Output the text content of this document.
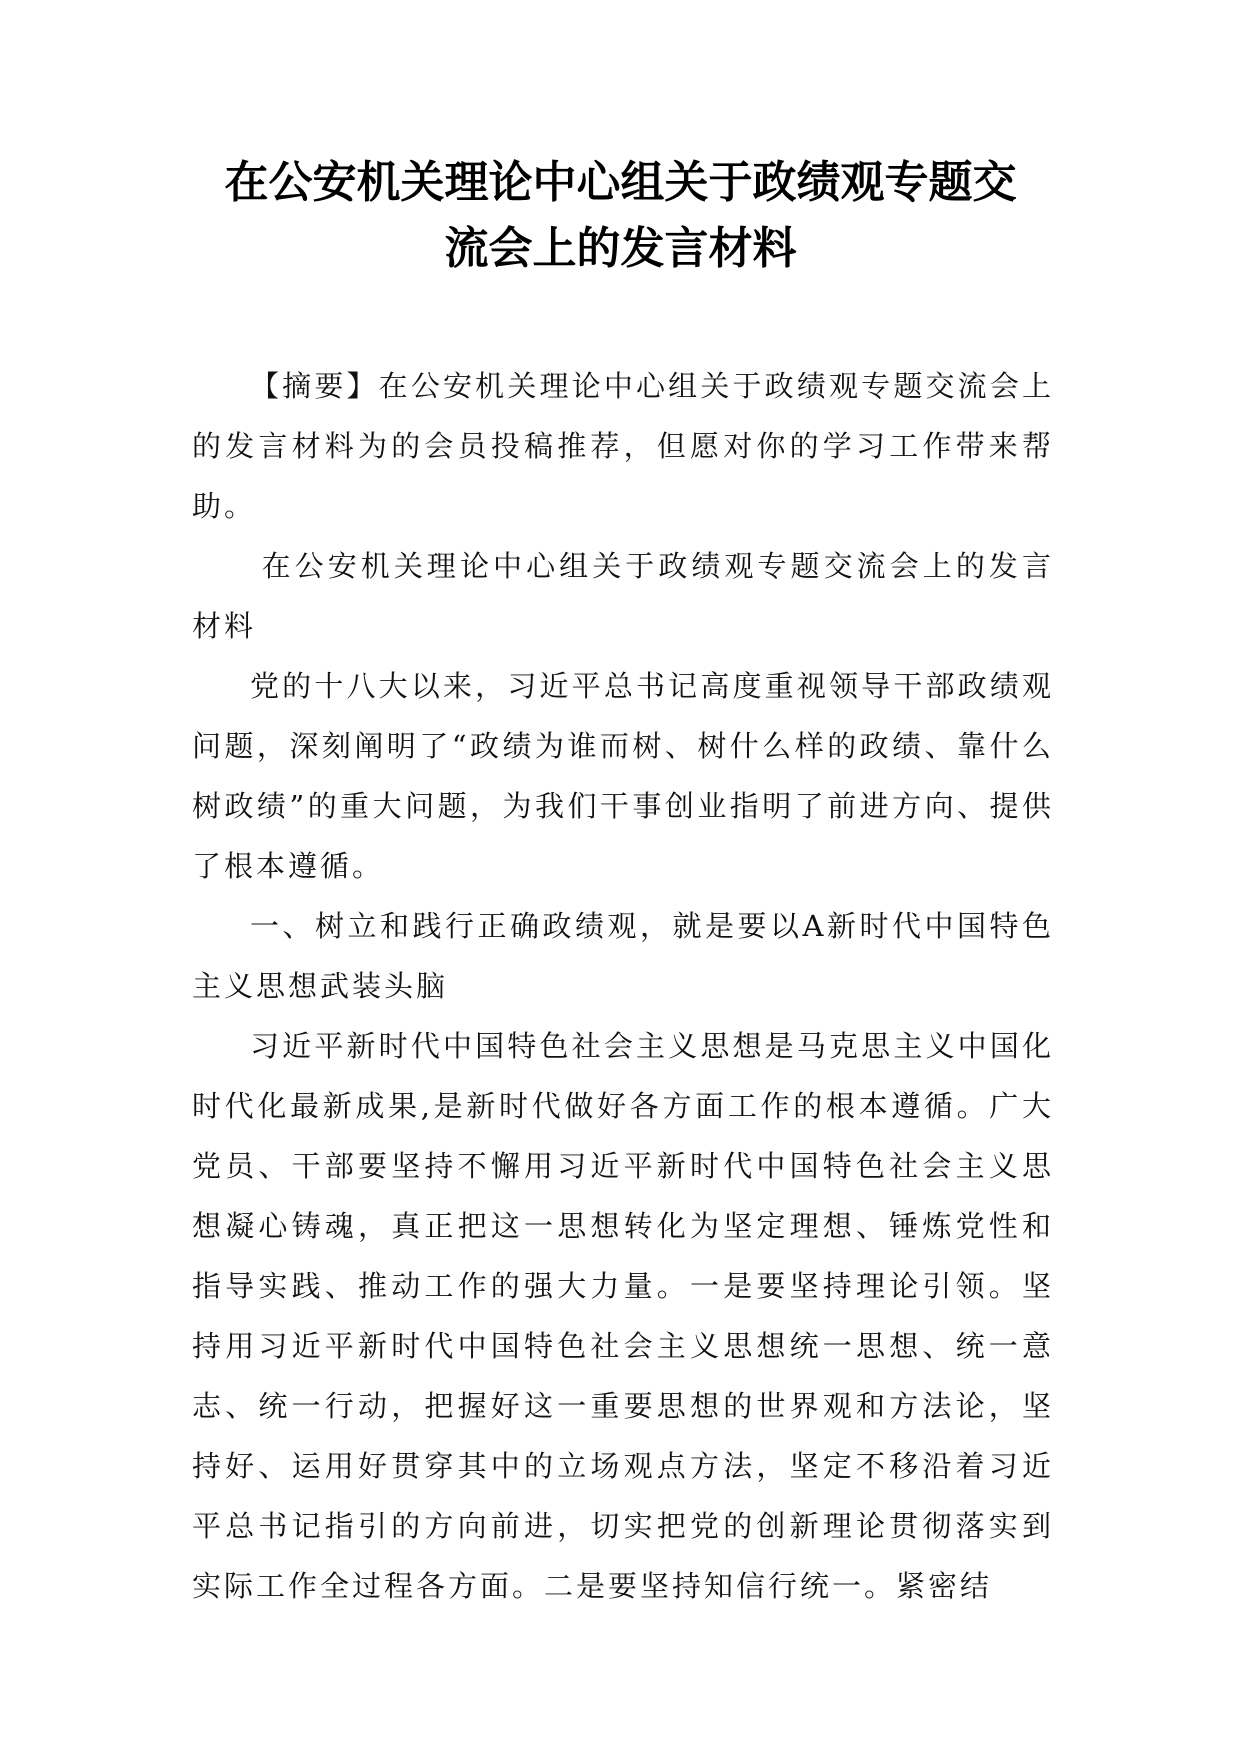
在公安机关理论中心组关于政绩观专题交
流会上的发言材料

【摘要】在公安机关理论中心组关于政绩观专题交流会上的发言材料为的会员投稿推荐，但愿对你的学习工作带来帮助。

在公安机关理论中心组关于政绩观专题交流会上的发言材料

党的十八大以来，习近平总书记高度重视领导干部政绩观问题，深刻阐明了“政绩为谁而树、树什么样的政绩、靠什么树政绩”的重大问题，为我们干事创业指明了前进方向、提供了根本遵循。

一、树立和践行正确政绩观，就是要以A新时代中国特色主义思想武装头脑

习近平新时代中国特色社会主义思想是马克思主义中国化时代化最新成果,是新时代做好各方面工作的根本遵循。广大党员、干部要坚持不懈用习近平新时代中国特色社会主义思想凝心铸魂，真正把这一思想转化为坚定理想、锤炼党性和指导实践、推动工作的强大力量。一是要坚持理论引领。坚持用习近平新时代中国特色社会主义思想统一思想、统一意志、统一行动，把握好这一重要思想的世界观和方法论，坚持好、运用好贯穿其中的立场观点方法，坚定不移沿着习近平总书记指引的方向前进，切实把党的创新理论贯彻落实到实际工作全过程各方面。二是要坚持知信行统一。紧密结
